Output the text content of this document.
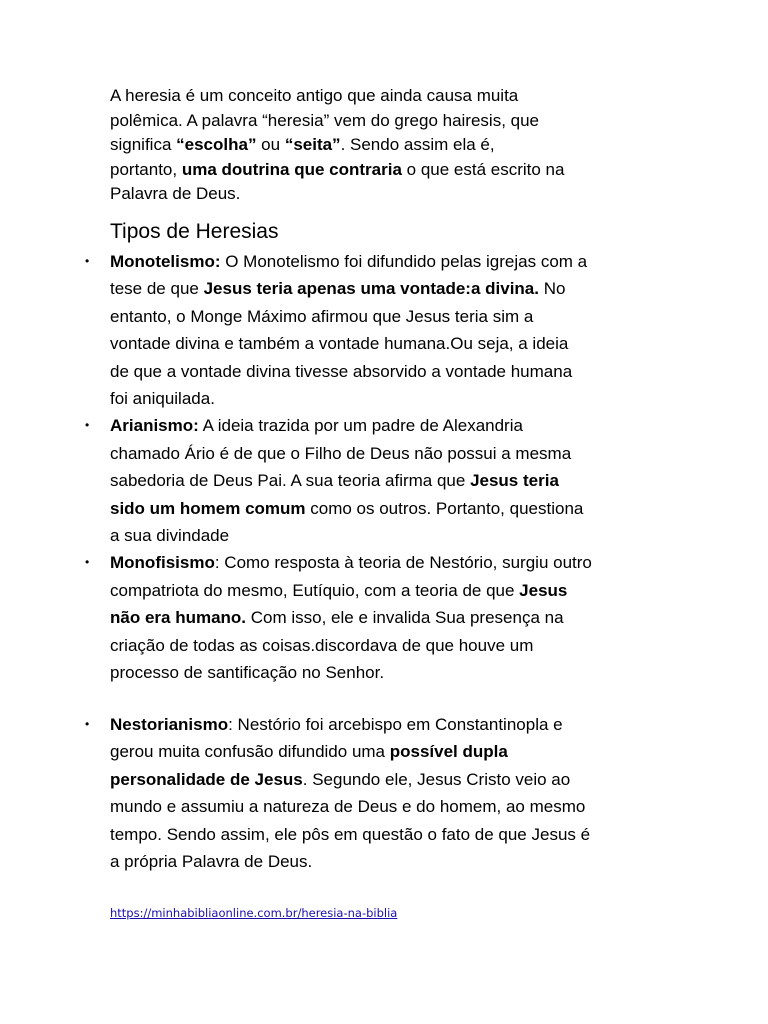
A heresia é um conceito antigo que ainda causa muita
polêmica. A palavra “heresia” vem do grego hairesis, que
significa “escolha” ou “seita”. Sendo assim ela é,
portanto, uma doutrina que contraria o que está escrito na
Palavra de Deus.
Tipos de Heresias
• Monotelismo: O Monotelismo foi difundido pelas igrejas com a
tese de que Jesus teria apenas uma vontade:a divina. No
entanto, o Monge Máximo afirmou que Jesus teria sim a
vontade divina e também a vontade humana.Ou seja, a ideia
de que a vontade divina tivesse absorvido a vontade humana
foi aniquilada.
• Arianismo: A ideia trazida por um padre de Alexandria
chamado Ário é de que o Filho de Deus não possui a mesma
sabedoria de Deus Pai. A sua teoria afirma que Jesus teria
sido um homem comum como os outros. Portanto, questiona
a sua divindade
• Monofisismo: Como resposta à teoria de Nestório, surgiu outro
compatriota do mesmo, Eutíquio, com a teoria de que Jesus
não era humano. Com isso, ele e invalida Sua presença na
criação de todas as coisas.discordava de que houve um
processo de santificação no Senhor.
• Nestorianismo: Nestório foi arcebispo em Constantinopla e
gerou muita confusão difundido uma possível dupla
personalidade de Jesus. Segundo ele, Jesus Cristo veio ao
mundo e assumiu a natureza de Deus e do homem, ao mesmo
tempo. Sendo assim, ele pôs em questão o fato de que Jesus é
a própria Palavra de Deus.
https://minhabibliaonline.com.br/heresia-na-biblia
